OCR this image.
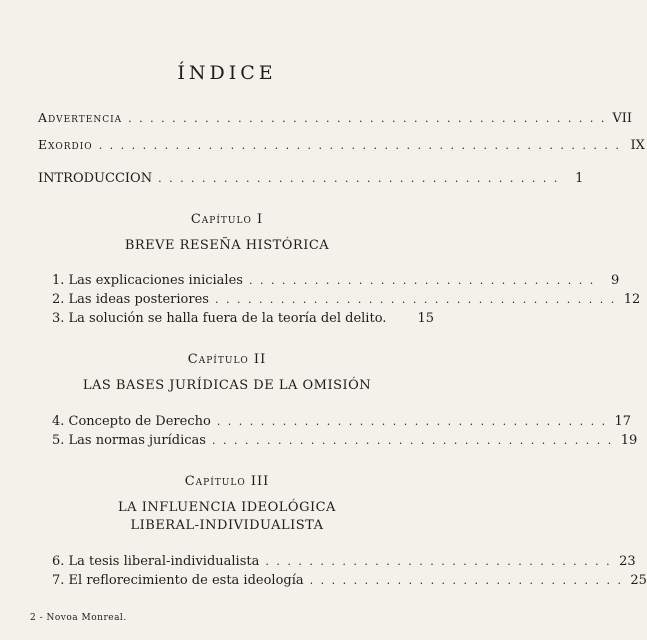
ÍNDICE
Advertencia . . . . . . . . . . . . . . . . . . . . . . . . . . . . . . . . . . . . . . . . . . . . VII
Exordio . . . . . . . . . . . . . . . . . . . . . . . . . . . . . . . . . . . . . . . . . . . . . . . . IX
INTRODUCCION . . . . . . . . . . . . . . . . . . . . . . . . . . . . . . . . . . . . .	1
Capítulo I
BREVE RESEÑA HISTÓRICA
1. Las explicaciones iniciales . . . . . . . . . . . . . . . . . . . . . . . . . . . . . . . .	9
2. Las ideas posteriores . . . . . . . . . . . . . . . . . . . . . . . . . . . . . . . . . . . . . 12
3. La solución se halla fuera de la teoría del delito. 15
Capítulo II
LAS BASES JURÍDICAS DE LA OMISIÓN
4. Concepto de Derecho . . . . . . . . . . . . . . . . . . . . . . . . . . . . . . . . . . . . 17
5. Las normas jurídicas . . . . . . . . . . . . . . . . . . . . . . . . . . . . . . . . . . . . . 19
Capítulo III
LA INFLUENCIA IDEOLÓGICA
LIBERAL-INDIVIDUALISTA
6. La tesis liberal-individualista . . . . . . . . . . . . . . . . . . . . . . . . . . . . . . . . 23
7. El reflorecimiento de esta ideología . . . . . . . . . . . . . . . . . . . . . . . . . . . . . 25
2 - Novoa Monreal.
